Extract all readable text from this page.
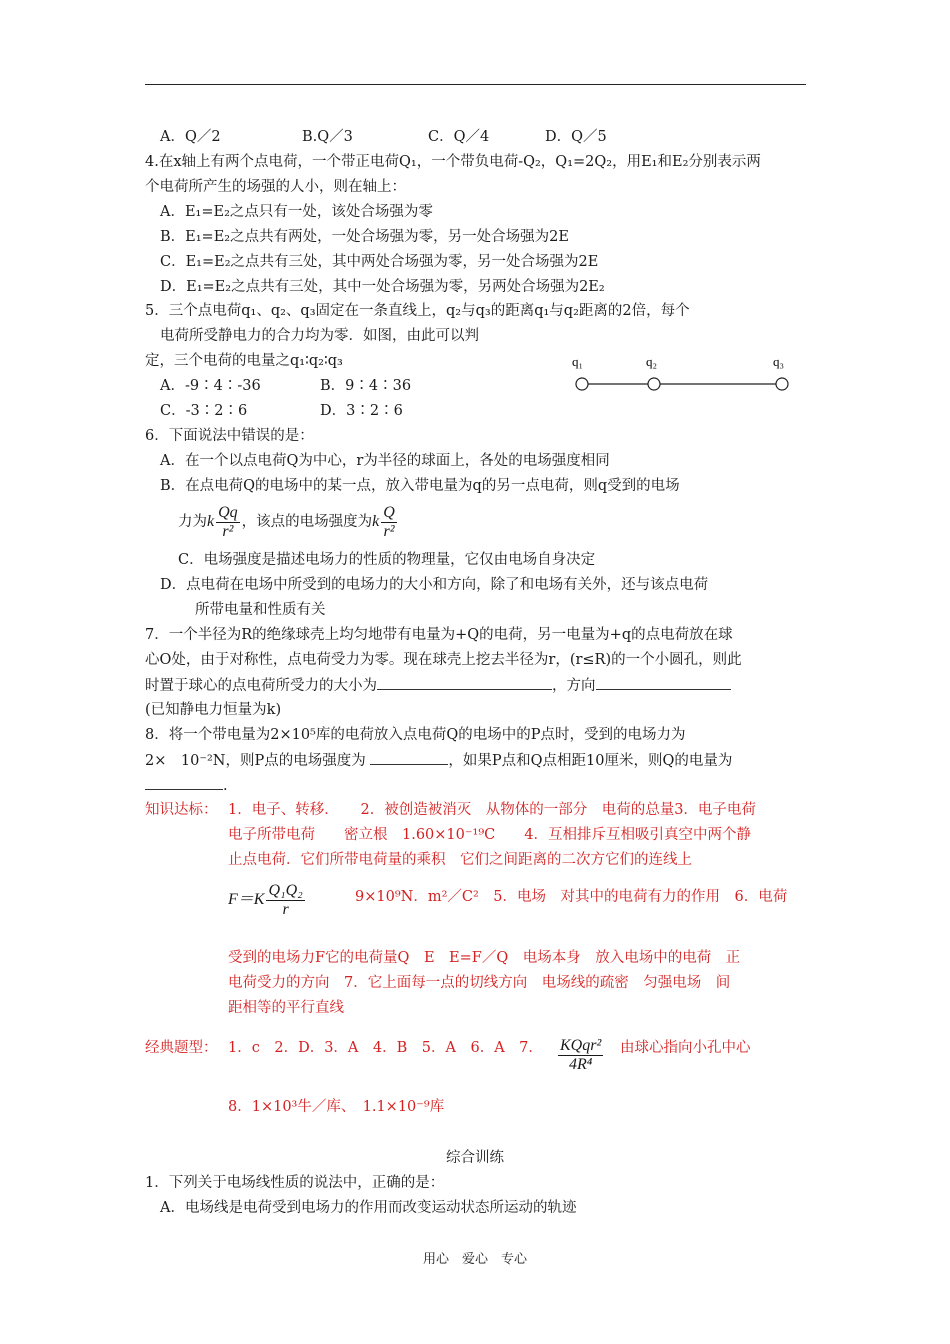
A．Q／2	B.Q／3	C．Q／4	D．Q／5
4.在x轴上有两个点电荷，一个带正电荷Q₁，一个带负电荷-Q₂，Q₁=2Q₂，用E₁和E₂分别表示两
个电荷所产生的场强的人小，则在轴上：
A．E₁=E₂之点只有一处，该处合场强为零
B．E₁=E₂之点共有两处，一处合场强为零，另一处合场强为2E
C．E₁=E₂之点共有三处，其中两处合场强为零，另一处合场强为2E
D．E₁=E₂之点共有三处，其中一处合场强为零，另两处合场强为2E₂
5．三个点电荷q₁、q₂、q₃固定在一条直线上，q₂与q₃的距离q₁与q₂距离的2倍，每个
电荷所受静电力的合力均为零．如图，由此可以判
定，三个电荷的电量之q₁∶q₂∶q₃
A．-9∶4∶-36	B．9∶4∶36
C．-3∶2∶6	D．3∶2∶6
q₁	q₂	q₃
6．下面说法中错误的是：
A．在一个以点电荷Q为中心，r为半径的球面上，各处的电场强度相同
B．在点电荷Q的电场中的某一点，放入带电量为q的另一点电荷，则q受到的电场
力为k $\frac{Qq}{\text{r²}}$ ，该点的电场强度为k $\frac{Q}{\text{r²}}$
C．电场强度是描述电场力的性质的物理量，它仅由电场自身决定
D．点电荷在电场中所受到的电场力的大小和方向，除了和电场有关外，还与该点电荷
所带电量和性质有关
7．一个半径为R的绝缘球壳上均匀地带有电量为+Q的电荷，另一电量为+q的点电荷放在球
心O处，由于对称性，点电荷受力为零。现在球壳上挖去半径为r，(r≤R)的一个小圆孔，则此
时置于球心的点电荷所受力的大小为	，方向
(已知静电力恒量为k)
8．将一个带电量为2×10⁵库的电荷放入点电荷Q的电场中的P点时，受到的电场力为
2×　10⁻²N，则P点的电场强度为	，如果P点和Q点相距10厘米，则Q的电量为
.
知识达标： 1．电子、转移．　　2．被创造被消灭　从物体的一部分　电荷的总量3．电子电荷
电子所带电荷　　密立根　1.60×10⁻¹⁹C　　4．互相排斥互相吸引真空中两个静
止点电荷．它们所带电荷量的乘积　它们之间距离的二次方它们的连线上
$F=K \frac{\text{Q₁Q₂}}{r}$	9×10⁹N．m²／C²　5．电场　对其中的电荷有力的作用　6．电荷
受到的电场力F它的电荷量Q　E　E=F／Q　电场本身　放入电场中的电荷　正
电荷受力的方向　7．它上面每一点的切线方向　电场线的疏密　匀强电场　间
距相等的平行直线
经典题型： 1．c　2．D．3．A　4．B　5．A　6．A　7． $\frac{\text{KQqr²}}{\text{4R⁴}}$ 由球心指向小孔中心
8．1×10³牛／库、　1.1×10⁻⁹库
综合训练
1．下列关于电场线性质的说法中，正确的是：
A．电场线是电荷受到电场力的作用而改变运动状态所运动的轨迹
用心　爱心　专心
